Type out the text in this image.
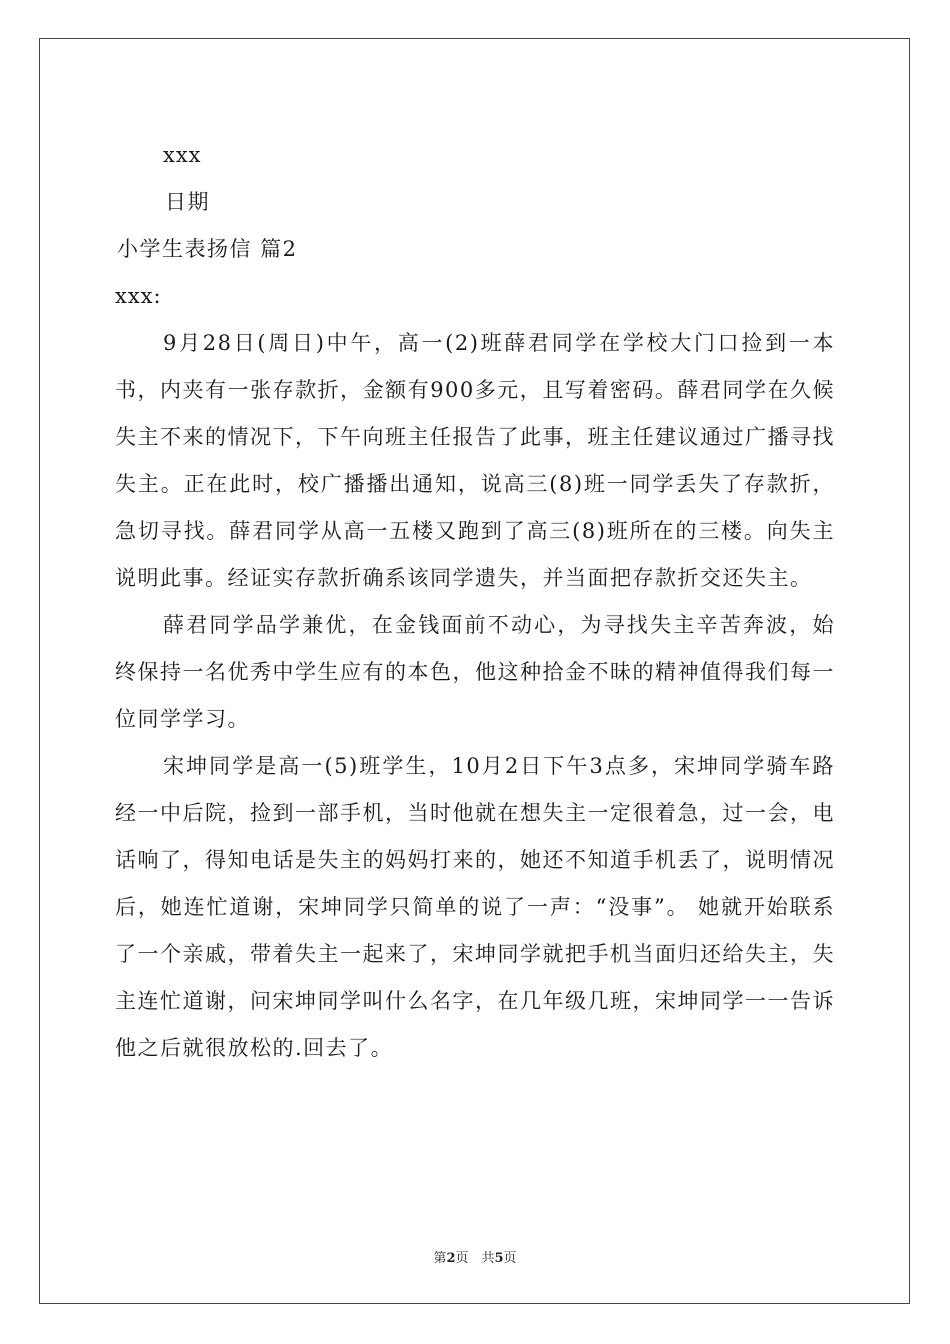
xxx
日期
小学生表扬信 篇2
xxx:

9月28日(周日)中午，高一(2)班薛君同学在学校大门口捡到一本书，内夹有一张存款折，金额有900多元，且写着密码。薛君同学在久候失主不来的情况下，下午向班主任报告了此事，班主任建议通过广播寻找失主。正在此时，校广播播出通知，说高三(8)班一同学丢失了存款折，急切寻找。薛君同学从高一五楼又跑到了高三(8)班所在的三楼。向失主说明此事。经证实存款折确系该同学遗失，并当面把存款折交还失主。

薛君同学品学兼优，在金钱面前不动心，为寻找失主辛苦奔波，始终保持一名优秀中学生应有的本色，他这种拾金不昧的精神值得我们每一位同学学习。

宋坤同学是高一(5)班学生，10月2日下午3点多，宋坤同学骑车路经一中后院，捡到一部手机，当时他就在想失主一定很着急，过一会，电话响了，得知电话是失主的妈妈打来的，她还不知道手机丢了，说明情况后，她连忙道谢，宋坤同学只简单的说了一声：“没事”。 她就开始联系了一个亲戚，带着失主一起来了，宋坤同学就把手机当面归还给失主，失主连忙道谢，问宋坤同学叫什么名字，在几年级几班，宋坤同学一一告诉他之后就很放松的.回去了。

第2页　共5页
